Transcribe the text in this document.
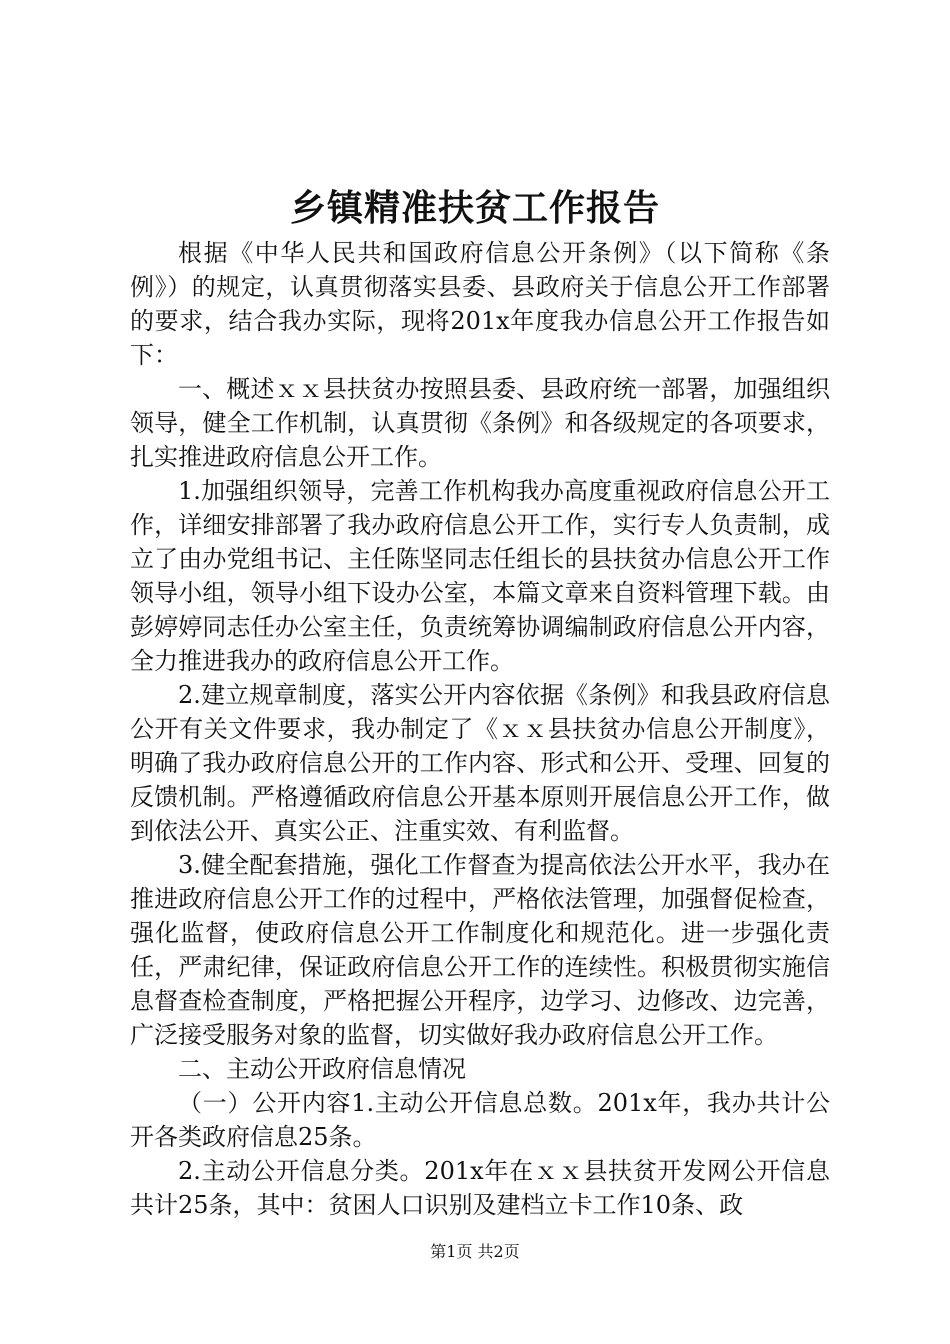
乡镇精准扶贫工作报告

根据《中华人民共和国政府信息公开条例》（以下简称《条例》）的规定，认真贯彻落实县委、县政府关于信息公开工作部署的要求，结合我办实际，现将201x年度我办信息公开工作报告如下：

一、概述ｘｘ县扶贫办按照县委、县政府统一部署，加强组织领导，健全工作机制，认真贯彻《条例》和各级规定的各项要求，扎实推进政府信息公开工作。

1.加强组织领导，完善工作机构我办高度重视政府信息公开工作，详细安排部署了我办政府信息公开工作，实行专人负责制，成立了由办党组书记、主任陈坚同志任组长的县扶贫办信息公开工作领导小组，领导小组下设办公室，本篇文章来自资料管理下载。由彭婷婷同志任办公室主任，负责统筹协调编制政府信息公开内容，全力推进我办的政府信息公开工作。

2.建立规章制度，落实公开内容依据《条例》和我县政府信息公开有关文件要求，我办制定了《ｘｘ县扶贫办信息公开制度》，明确了我办政府信息公开的工作内容、形式和公开、受理、回复的反馈机制。严格遵循政府信息公开基本原则开展信息公开工作，做到依法公开、真实公正、注重实效、有利监督。

3.健全配套措施，强化工作督查为提高依法公开水平，我办在推进政府信息公开工作的过程中，严格依法管理，加强督促检查，强化监督，使政府信息公开工作制度化和规范化。进一步强化责任，严肃纪律，保证政府信息公开工作的连续性。积极贯彻实施信息督查检查制度，严格把握公开程序，边学习、边修改、边完善，广泛接受服务对象的监督，切实做好我办政府信息公开工作。

二、主动公开政府信息情况

（一）公开内容1.主动公开信息总数。201x年，我办共计公开各类政府信息25条。

2.主动公开信息分类。201x年在ｘｘ县扶贫开发网公开信息共计25条，其中：贫困人口识别及建档立卡工作10条、政

第1页 共2页
